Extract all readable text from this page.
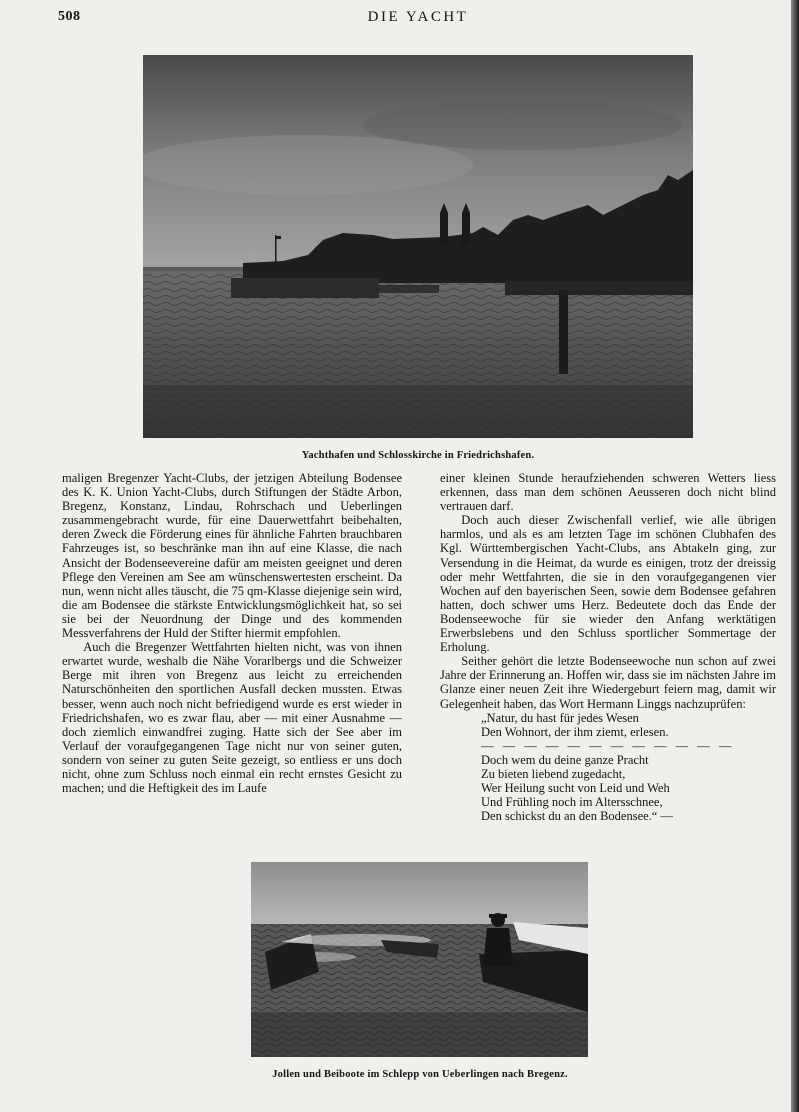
508	DIE YACHT
Yachthafen und Schlosskirche in Friedrichshafen.

maligen Bregenzer Yacht-Clubs, der jetzigen Abteilung Bodensee des K. K. Union Yacht-Clubs, durch Stiftungen der Städte Arbon, Bregenz, Konstanz, Lindau, Rohrschach und Ueberlingen zusammengebracht wurde, für eine Dauerwettfahrt beibehalten, deren Zweck die Förderung eines für ähnliche Fahrten brauchbaren Fahrzeuges ist, so beschränke man ihn auf eine Klasse, die nach Ansicht der Bodenseevereine dafür am meisten geeignet und deren Pflege den Vereinen am See am wünschenswertesten erscheint. Da nun, wenn nicht alles täuscht, die 75 qm-Klasse diejenige sein wird, die am Bodensee die stärkste Entwicklungsmöglichkeit hat, so sei sie bei der Neuordnung der Dinge und des kommenden Messverfahrens der Huld der Stifter hiermit empfohlen.

Auch die Bregenzer Wettfahrten hielten nicht, was von ihnen erwartet wurde, weshalb die Nähe Vorarlbergs und die Schweizer Berge mit ihren von Bregenz aus leicht zu erreichenden Naturschönheiten den sportlichen Ausfall decken mussten. Etwas besser, wenn auch noch nicht befriedigend wurde es erst wieder in Friedrichshafen, wo es zwar flau, aber — mit einer Ausnahme — doch ziemlich einwandfrei zuging. Hatte sich der See aber im Verlauf der voraufgegangenen Tage nicht nur von seiner guten, sondern von seiner zu guten Seite gezeigt, so entliess er uns doch nicht, ohne zum Schluss noch einmal ein recht ernstes Gesicht zu machen; und die Heftigkeit des im Laufe

einer kleinen Stunde heraufziehenden schweren Wetters liess erkennen, dass man dem schönen Aeusseren doch nicht blind vertrauen darf.

Doch auch dieser Zwischenfall verlief, wie alle übrigen harmlos, und als es am letzten Tage im schönen Clubhafen des Kgl. Württembergischen Yacht-Clubs, ans Abtakeln ging, zur Versendung in die Heimat, da wurde es einigen, trotz der dreissig oder mehr Wettfahrten, die sie in den voraufgegangenen vier Wochen auf den bayerischen Seen, sowie dem Bodensee gefahren hatten, doch schwer ums Herz. Bedeutete doch das Ende der Bodenseewoche für sie wieder den Anfang werktätigen Erwerbslebens und den Schluss sportlicher Sommertage der Erholung.

Seither gehört die letzte Bodenseewoche nun schon auf zwei Jahre der Erinnerung an. Hoffen wir, dass sie im nächsten Jahre im Glanze einer neuen Zeit ihre Wiedergeburt feiern mag, damit wir Gelegenheit haben, das Wort Hermann Linggs nachzuprüfen:

„Natur, du hast für jedes Wesen
Den Wohnort, der ihm ziemt, erlesen.
— — — — — — — — — — — —
Doch wem du deine ganze Pracht
Zu bieten liebend zugedacht,
Wer Heilung sucht von Leid und Weh
Und Frühling noch im Altersschnee,
Den schickst du an den Bodensee.“ —
Jollen und Beiboote im Schlepp von Ueberlingen nach Bregenz.
